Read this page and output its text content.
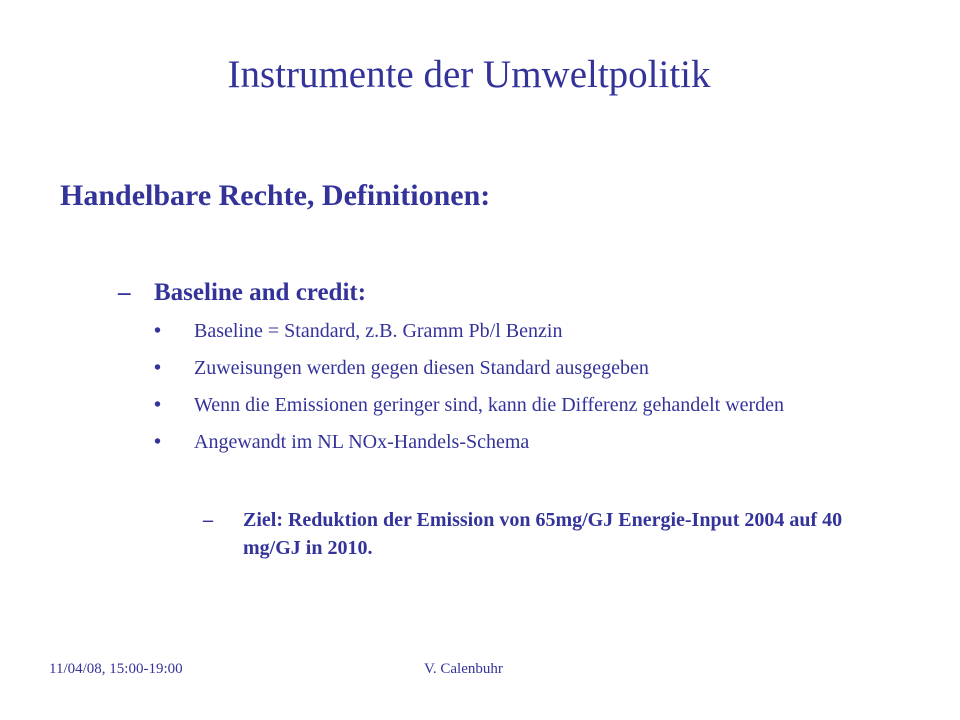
Instrumente der Umweltpolitik
Handelbare Rechte, Definitionen:
– Baseline and credit:
• Baseline = Standard, z.B. Gramm Pb/l Benzin
• Zuweisungen werden gegen diesen Standard ausgegeben
• Wenn die Emissionen geringer sind, kann die Differenz gehandelt werden
• Angewandt im NL NOx-Handels-Schema
– Ziel: Reduktion der Emission von 65mg/GJ Energie-Input 2004 auf 40 mg/GJ in 2010.
11/04/08, 15:00-19:00	V. Calenbuhr
